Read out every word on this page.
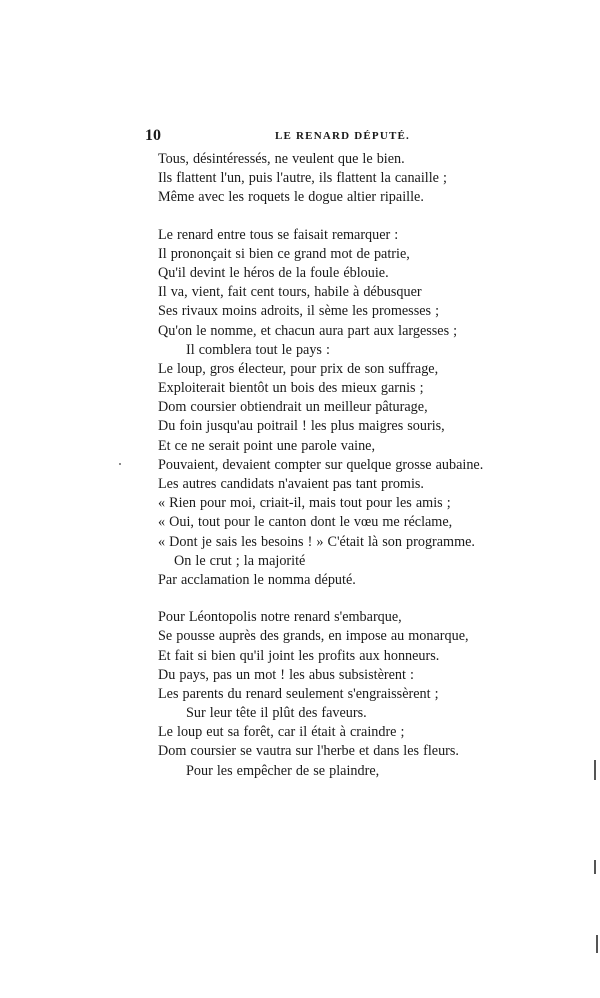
10	LE RENARD DÉPUTÉ.
Tous, désintéressés, ne veulent que le bien.
Ils flattent l'un, puis l'autre, ils flattent la canaille ;
Même avec les roquets le dogue altier ripaille.
Le renard entre tous se faisait remarquer :
Il prononçait si bien ce grand mot de patrie,
Qu'il devint le héros de la foule éblouie.
Il va, vient, fait cent tours, habile à débusquer
Ses rivaux moins adroits, il sème les promesses ;
Qu'on le nomme, et chacun aura part aux largesses ;
Il comblera tout le pays :
Le loup, gros électeur, pour prix de son suffrage,
Exploiterait bientôt un bois des mieux garnis ;
Dom coursier obtiendrait un meilleur pâturage,
Du foin jusqu'au poitrail ! les plus maigres souris,
Et ce ne serait point une parole vaine,
Pouvaient, devaient compter sur quelque grosse aubaine.
Les autres candidats n'avaient pas tant promis.
« Rien pour moi, criait-il, mais tout pour les amis ;
« Oui, tout pour le canton dont le vœu me réclame,
« Dont je sais les besoins ! » C'était là son programme.
On le crut ; la majorité
Par acclamation le nomma député.
Pour Léontopolis notre renard s'embarque,
Se pousse auprès des grands, en impose au monarque,
Et fait si bien qu'il joint les profits aux honneurs.
Du pays, pas un mot ! les abus subsistèrent :
Les parents du renard seulement s'engraissèrent ;
Sur leur tête il plût des faveurs.
Le loup eut sa forêt, car il était à craindre ;
Dom coursier se vautra sur l'herbe et dans les fleurs.
Pour les empêcher de se plaindre,
